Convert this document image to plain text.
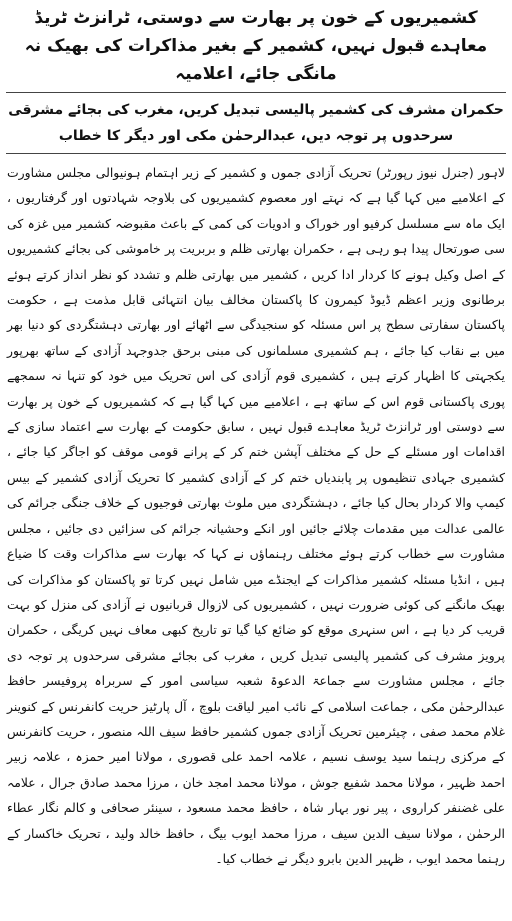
کشمیریوں کے خون پر بھارت سے دوستی، ٹرانزٹ ٹریڈ معاہدے قبول نہیں، کشمیر کے بغیر مذاکرات کی بھیک نہ مانگی جائے، اعلامیہ
حکمران مشرف کی کشمیر پالیسی تبدیل کریں، مغرب کی بجائے مشرقی سرحدوں پر توجہ دیں، عبدالرحمٰن مکی اور دیگر کا خطاب

لاہور (جنرل نیوز رپورٹر) تحریک آزادی جموں و کشمیر کے زیر اہتمام ہونیوالی مجلس مشاورت کے اعلامیے میں کہا گیا ہے کہ نہتے اور معصوم کشمیریوں کی بلاوجہ شہادتوں اور گرفتاریوں ، ایک ماہ سے مسلسل کرفیو اور خوراک و ادویات کی کمی کے باعث مقبوضہ کشمیر میں غزہ کی سی صورتحال پیدا ہو رہی ہے ، حکمران بھارتی ظلم و بربریت پر خاموشی کی بجائے کشمیریوں کے اصل وکیل ہونے کا کردار ادا کریں ، کشمیر میں بھارتی ظلم و تشدد کو نظر انداز کرتے ہوئے برطانوی وزیر اعظم ڈیوڈ کیمرون کا پاکستان مخالف بیان انتہائی قابل مذمت ہے ، حکومت پاکستان سفارتی سطح پر اس مسئلہ کو سنجیدگی سے اٹھائے اور بھارتی دہشتگردی کو دنیا بھر میں بے نقاب کیا جائے ، ہم کشمیری مسلمانوں کی مبنی برحق جدوجہد آزادی کے ساتھ بھرپور یکجہتی کا اظہار کرتے ہیں ، کشمیری قوم آزادی کی اس تحریک میں خود کو تنہا نہ سمجھے پوری پاکستانی قوم اس کے ساتھ ہے ، اعلامیے میں کہا گیا ہے کہ کشمیریوں کے خون پر بھارت سے دوستی اور ٹرانزٹ ٹریڈ معاہدے قبول نہیں ، سابق حکومت کے بھارت سے اعتماد سازی کے اقدامات اور مسئلے کے حل کے مختلف آپشن ختم کر کے پرانے قومی موقف کو اجاگر کیا جائے ، کشمیری جہادی تنظیموں پر پابندیاں ختم کر کے آزادی کشمیر کا تحریک آزادی کشمیر کے بیس کیمپ والا کردار بحال کیا جائے ، دہشتگردی میں ملوث بھارتی فوجیوں کے خلاف جنگی جرائم کی عالمی عدالت میں مقدمات چلائے جائیں اور انکے وحشیانہ جرائم کی سزائیں دی جائیں ، مجلس مشاورت سے خطاب کرتے ہوئے مختلف رہنماؤں نے کہا کہ بھارت سے مذاکرات وقت کا ضیاع ہیں ، انڈیا مسئلہ کشمیر مذاکرات کے ایجنڈے میں شامل نہیں کرتا تو پاکستان کو مذاکرات کی بھیک مانگنے کی کوئی ضرورت نہیں ، کشمیریوں کی لازوال قربانیوں نے آزادی کی منزل کو بہت قریب کر دیا ہے ، اس سنہری موقع کو ضائع کیا گیا تو تاریخ کبھی معاف نہیں کریگی ، حکمران پرویز مشرف کی کشمیر پالیسی تبدیل کریں ، مغرب کی بجائے مشرقی سرحدوں پر توجہ دی جائے ، مجلس مشاورت سے جماعۃ الدعوۃ شعبہ سیاسی امور کے سربراہ پروفیسر حافظ عبدالرحمٰن مکی ، جماعت اسلامی کے نائب امیر لیاقت بلوچ ، آل پارٹیز حریت کانفرنس کے کنوینر غلام محمد صفی ، چیئرمین تحریک آزادی جموں کشمیر حافظ سیف اللہ منصور ، حریت کانفرنس کے مرکزی رہنما سید یوسف نسیم ، علامہ احمد علی قصوری ، مولانا امیر حمزہ ، علامہ زبیر احمد ظہیر ، مولانا محمد شفیع جوش ، مولانا محمد امجد خان ، مرزا محمد صادق جرال ، علامہ علی غضنفر کراروی ، پیر نور بہار شاہ ، حافظ محمد مسعود ، سینئر صحافی و کالم نگار عطاء الرحمٰن ، مولانا سیف الدین سیف ، مرزا محمد ایوب بیگ ، حافظ خالد ولید ، تحریک خاکسار کے رہنما محمد ایوب ، ظہیر الدین بابرو دیگر نے خطاب کیا۔
